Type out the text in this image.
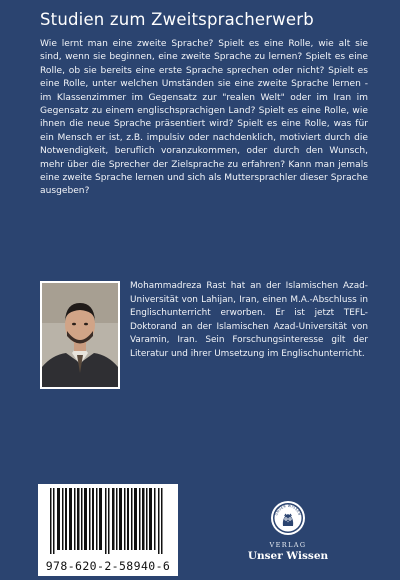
Studien zum Zweitspracherwerb
Wie lernt man eine zweite Sprache? Spielt es eine Rolle, wie alt sie sind, wenn sie beginnen, eine zweite Sprache zu lernen? Spielt es eine Rolle, ob sie bereits eine erste Sprache sprechen oder nicht? Spielt es eine Rolle, unter welchen Umständen sie eine zweite Sprache lernen - im Klassenzimmer im Gegensatz zur "realen Welt" oder im Iran im Gegensatz zu einem englischsprachigen Land? Spielt es eine Rolle, wie ihnen die neue Sprache präsentiert wird? Spielt es eine Rolle, was für ein Mensch er ist, z.B. impulsiv oder nachdenklich, motiviert durch die Notwendigkeit, beruflich voranzukommen, oder durch den Wunsch, mehr über die Sprecher der Zielsprache zu erfahren? Kann man jemals eine zweite Sprache lernen und sich als Muttersprachler dieser Sprache ausgeben?
Mohammadreza Rast hat an der Islamischen Azad-Universität von Lahijan, Iran, einen M.A.-Abschluss in Englischunterricht erworben. Er ist jetzt TEFL-Doktorand an der Islamischen Azad-Universität von Varamin, Iran. Sein Forschungsinteresse gilt der Literatur und ihrer Umsetzung im Englischunterricht.
978-620-2-58940-6
UNSER WISSEN
VERLAG
Unser Wissen
